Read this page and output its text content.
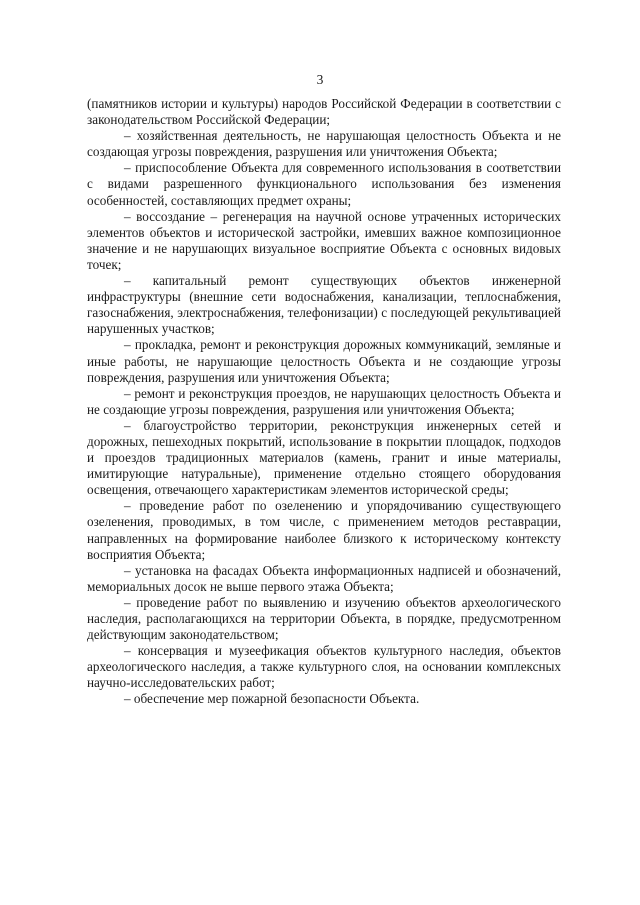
3

(памятников истории и культуры) народов Российской Федерации в соответствии с законодательством Российской Федерации;

– хозяйственная деятельность, не нарушающая целостность Объекта и не создающая угрозы повреждения, разрушения или уничтожения Объекта;

– приспособление Объекта для современного использования в соответствии с видами разрешенного функционального использования без изменения особенностей, составляющих предмет охраны;

– воссоздание – регенерация на научной основе утраченных исторических элементов объектов и исторической застройки, имевших важное композиционное значение и не нарушающих визуальное восприятие Объекта с основных видовых точек;

– капитальный ремонт существующих объектов инженерной инфраструктуры (внешние сети водоснабжения, канализации, теплоснабжения, газоснабжения, электроснабжения, телефонизации) с последующей рекультивацией нарушенных участков;

– прокладка, ремонт и реконструкция дорожных коммуникаций, земляные и иные работы, не нарушающие целостность Объекта и не создающие угрозы повреждения, разрушения или уничтожения Объекта;

– ремонт и реконструкция проездов, не нарушающих целостность Объекта и не создающие угрозы повреждения, разрушения или уничтожения Объекта;

– благоустройство территории, реконструкция инженерных сетей и дорожных, пешеходных покрытий, использование в покрытии площадок, подходов и проездов традиционных материалов (камень, гранит и иные материалы, имитирующие натуральные), применение отдельно стоящего оборудования освещения, отвечающего характеристикам элементов исторической среды;

– проведение работ по озеленению и упорядочиванию существующего озеленения, проводимых, в том числе, с применением методов реставрации, направленных на формирование наиболее близкого к историческому контексту восприятия Объекта;

– установка на фасадах Объекта информационных надписей и обозначений, мемориальных досок не выше первого этажа Объекта;

– проведение работ по выявлению и изучению объектов археологического наследия, располагающихся на территории Объекта, в порядке, предусмотренном действующим законодательством;

– консервация и музеефикация объектов культурного наследия, объектов археологического наследия, а также культурного слоя, на основании комплексных научно-исследовательских работ;

– обеспечение мер пожарной безопасности Объекта.
